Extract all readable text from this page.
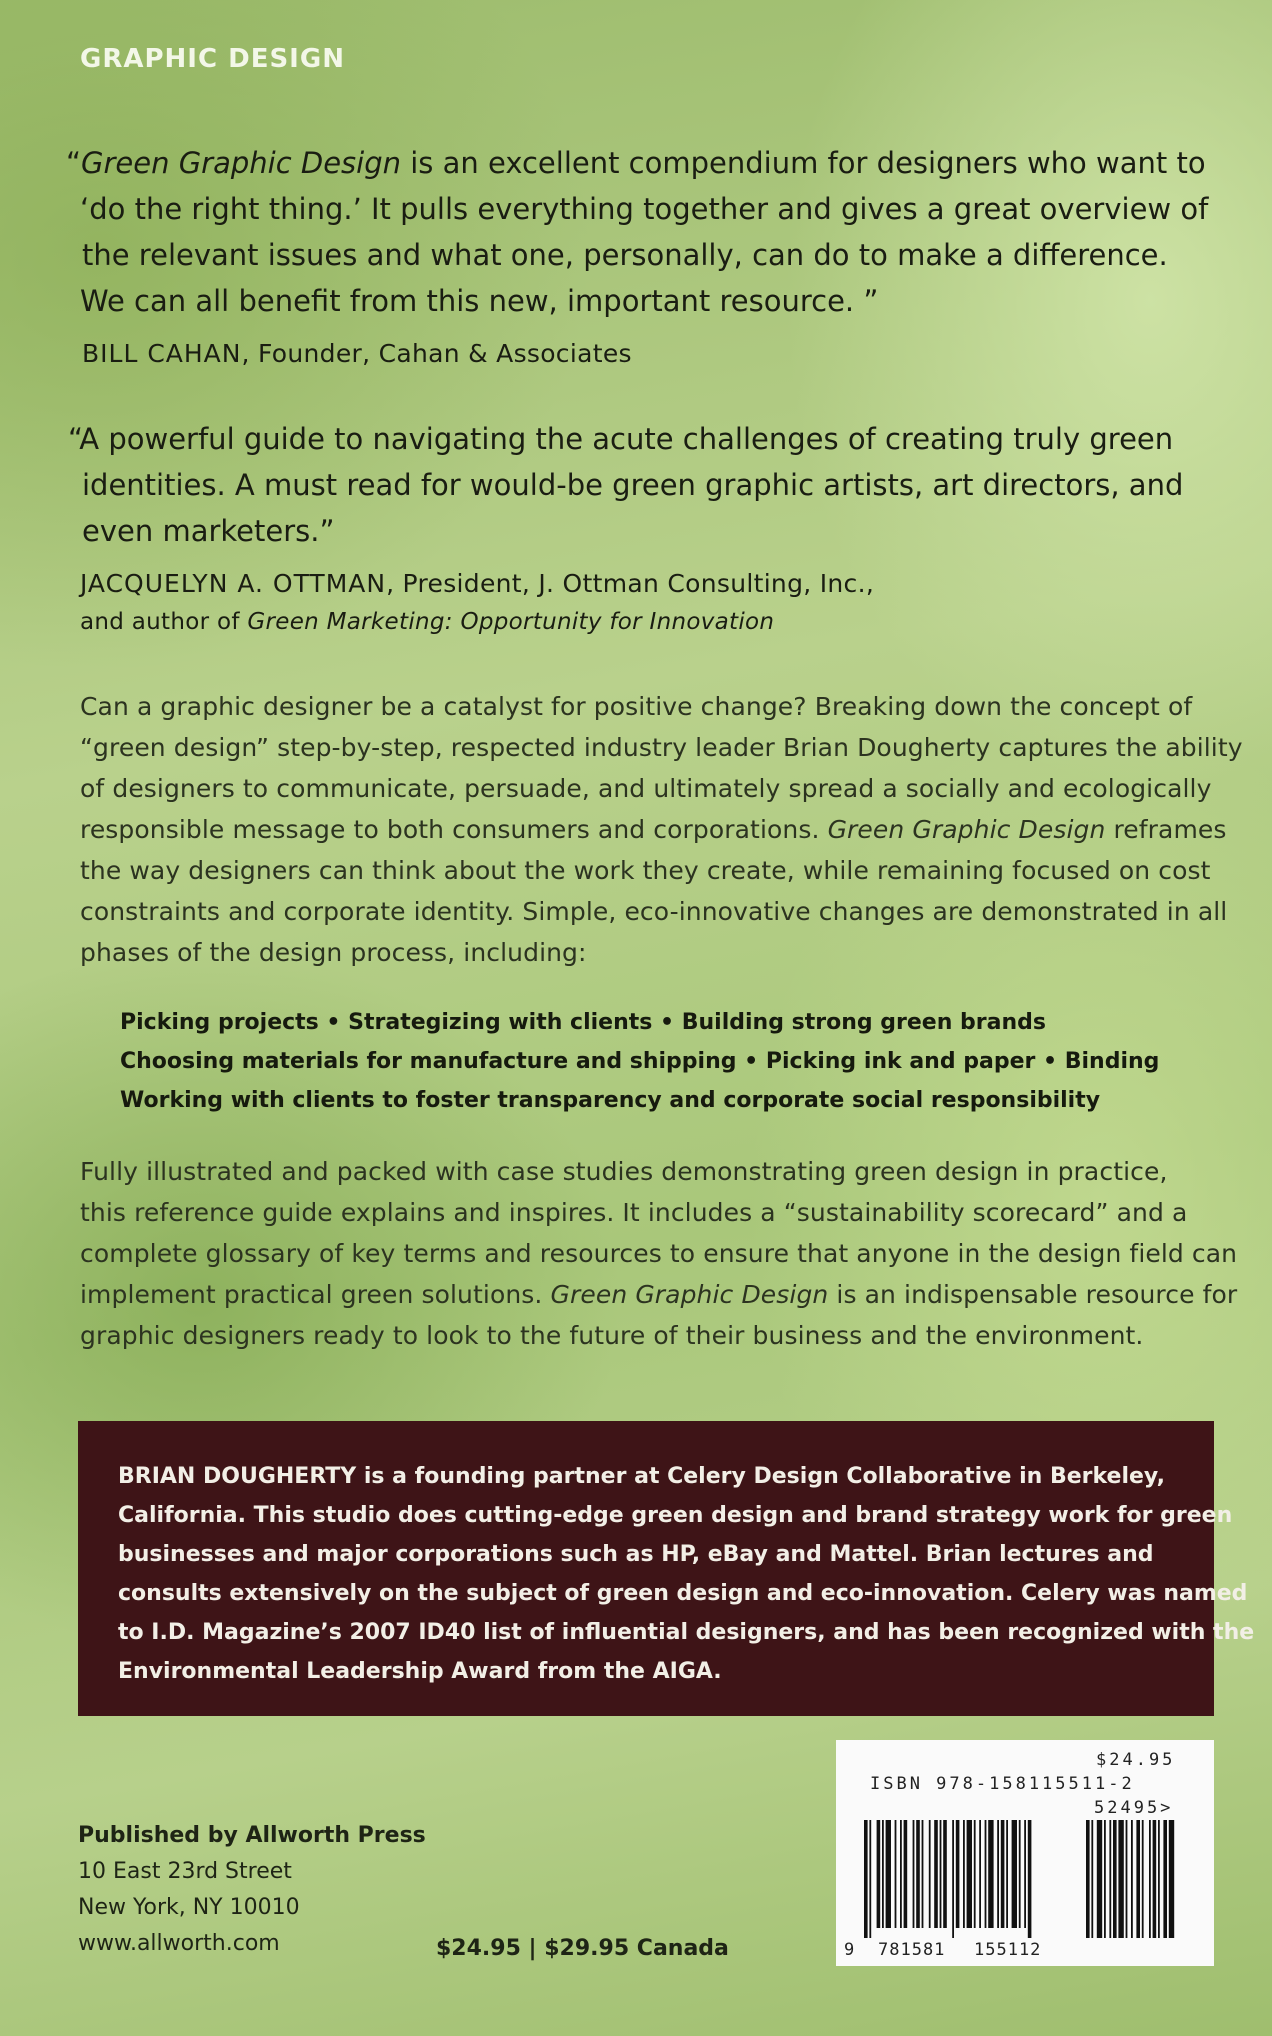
GRAPHIC DESIGN
“Green Graphic Design is an excellent compendium for designers who want to
‘do the right thing.’ It pulls everything together and gives a great overview of
the relevant issues and what one, personally, can do to make a difference.
We can all benefit from this new, important resource. ”
BILL CAHAN, Founder, Cahan & Associates
“A powerful guide to navigating the acute challenges of creating truly green
identities. A must read for would-be green graphic artists, art directors, and
even marketers.”
JACQUELYN A. OTTMAN, President, J. Ottman Consulting, Inc.,
and author of Green Marketing: Opportunity for Innovation
Can a graphic designer be a catalyst for positive change? Breaking down the concept of
“green design” step-by-step, respected industry leader Brian Dougherty captures the ability
of designers to communicate, persuade, and ultimately spread a socially and ecologically
responsible message to both consumers and corporations. Green Graphic Design reframes
the way designers can think about the work they create, while remaining focused on cost
constraints and corporate identity. Simple, eco-innovative changes are demonstrated in all
phases of the design process, including:
Picking projects • Strategizing with clients • Building strong green brands
Choosing materials for manufacture and shipping • Picking ink and paper • Binding
Working with clients to foster transparency and corporate social responsibility
Fully illustrated and packed with case studies demonstrating green design in practice,
this reference guide explains and inspires. It includes a “sustainability scorecard” and a
complete glossary of key terms and resources to ensure that anyone in the design field can
implement practical green solutions. Green Graphic Design is an indispensable resource for
graphic designers ready to look to the future of their business and the environment.
BRIAN DOUGHERTY is a founding partner at Celery Design Collaborative in Berkeley,
California. This studio does cutting-edge green design and brand strategy work for green
businesses and major corporations such as HP, eBay and Mattel. Brian lectures and
consults extensively on the subject of green design and eco-innovation. Celery was named
to I.D. Magazine’s 2007 ID40 list of influential designers, and has been recognized with the
Environmental Leadership Award from the AIGA.
Published by Allworth Press
10 East 23rd Street
New York, NY 10010
www.allworth.com	$24.95 | $29.95 Canada
$24.95
ISBN 978-158115511-2
52495>
9 781581 155112
